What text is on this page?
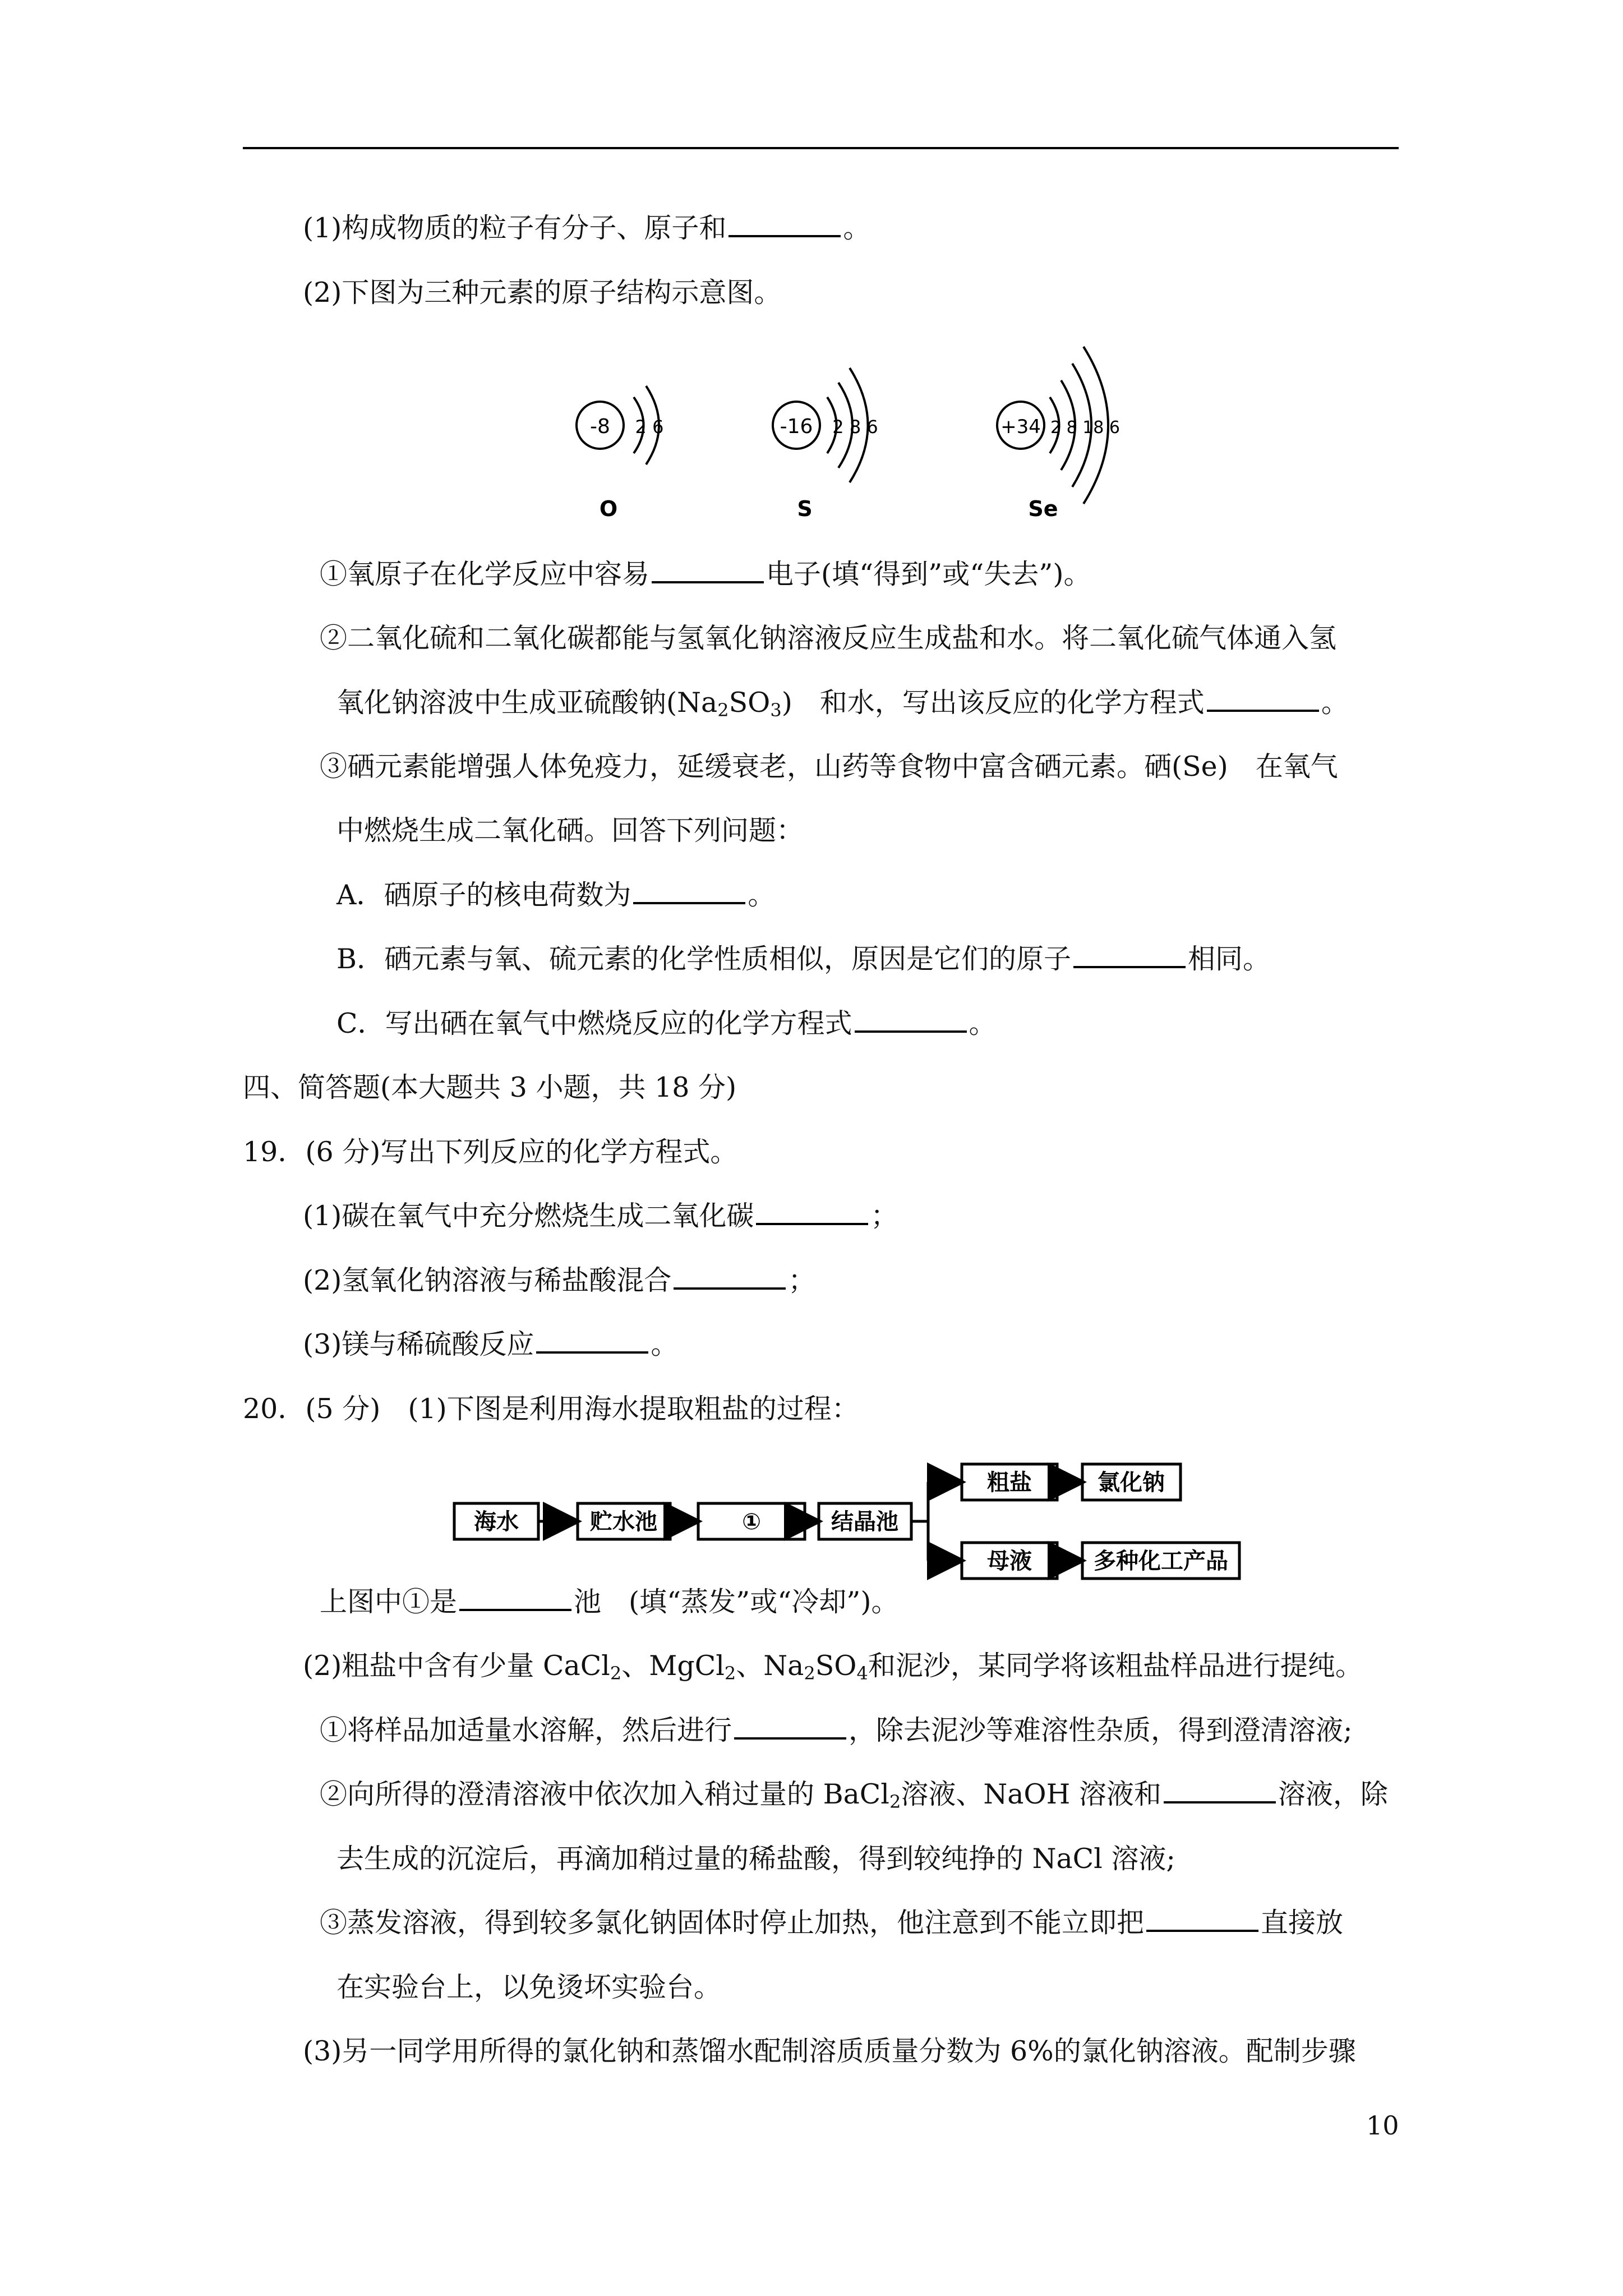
(1)构成物质的粒子有分子、原子和	。
(2)下图为三种元素的原子结构示意图。
-8 2 6
O
-16 2 8 6
S
+34 2 8 18 6
Se
①氧原子在化学反应中容易	电子(填“得到”或“失去”)。
②二氧化硫和二氧化碳都能与氢氧化钠溶液反应生成盐和水。将二氧化硫气体通入氢
氧化钠溶波中生成亚硫酸钠$(Na_2SO_3)$　和水，写出该反应的化学方程式	。
③硒元素能增强人体免疫力，延缓衰老，山药等食物中富含硒元素。硒(Se)　在氧气
中燃烧生成二氧化硒。回答下列问题：
A．硒原子的核电荷数为	。
B．硒元素与氧、硫元素的化学性质相似，原因是它们的原子	相同。
C．写出硒在氧气中燃烧反应的化学方程式	。
四、简答题(本大题共 3 小题，共 18 分)
19．(6 分)写出下列反应的化学方程式。
(1)碳在氧气中充分燃烧生成二氧化碳	；
(2)氢氧化钠溶液与稀盐酸混合	；
(3)镁与稀硫酸反应	。
20．(5 分)　(1)下图是利用海水提取粗盐的过程：
海水	贮水池	①	结晶池
粗盐	氯化钠
母液	多种化工产品
上图中①是	池　(填“蒸发”或“冷却”)。
(2)粗盐中含有少量 CaCl$_2$、MgCl$_2$、$Na_2SO_4$和泥沙，某同学将该粗盐样品进行提纯。
①将样品加适量水溶解，然后进行	，除去泥沙等难溶性杂质，得到澄清溶液;
②向所得的澄清溶液中依次加入稍过量的 BaCl$_2$溶液、NaOH 溶液和	溶液，除
去生成的沉淀后，再滴加稍过量的稀盐酸，得到较纯挣的 NaCl 溶液;
③蒸发溶液，得到较多氯化钠固体时停止加热，他注意到不能立即把	直接放
在实验台上，以免烫坏实验台。
(3)另一同学用所得的氯化钠和蒸馏水配制溶质质量分数为 6%的氯化钠溶液。配制步骤
10
